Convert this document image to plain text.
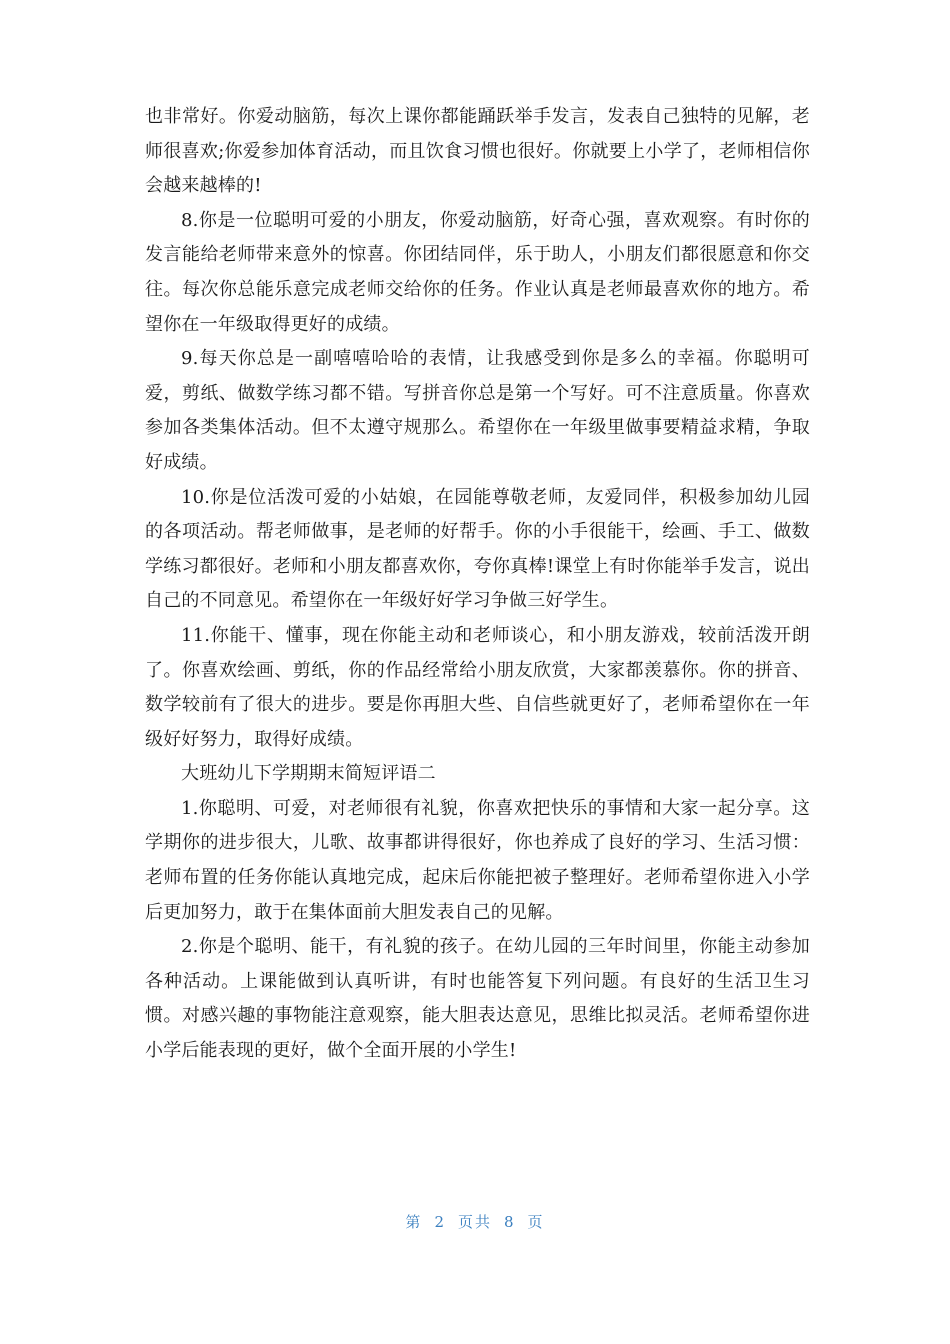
也非常好。你爱动脑筋，每次上课你都能踊跃举手发言，发表自己独特的见解，老师很喜欢;你爱参加体育活动，而且饮食习惯也很好。你就要上小学了，老师相信你会越来越棒的!

8.你是一位聪明可爱的小朋友，你爱动脑筋，好奇心强，喜欢观察。有时你的发言能给老师带来意外的惊喜。你团结同伴，乐于助人，小朋友们都很愿意和你交往。每次你总能乐意完成老师交给你的任务。作业认真是老师最喜欢你的地方。希望你在一年级取得更好的成绩。

9.每天你总是一副嘻嘻哈哈的表情，让我感受到你是多么的幸福。你聪明可爱，剪纸、做数学练习都不错。写拼音你总是第一个写好。可不注意质量。你喜欢参加各类集体活动。但不太遵守规那么。希望你在一年级里做事要精益求精，争取好成绩。

10.你是位活泼可爱的小姑娘，在园能尊敬老师，友爱同伴，积极参加幼儿园的各项活动。帮老师做事，是老师的好帮手。你的小手很能干，绘画、手工、做数学练习都很好。老师和小朋友都喜欢你，夸你真棒!课堂上有时你能举手发言，说出自己的不同意见。希望你在一年级好好学习争做三好学生。

11.你能干、懂事，现在你能主动和老师谈心，和小朋友游戏，较前活泼开朗了。你喜欢绘画、剪纸，你的作品经常给小朋友欣赏，大家都羡慕你。你的拼音、数学较前有了很大的进步。要是你再胆大些、自信些就更好了，老师希望你在一年级好好努力，取得好成绩。

大班幼儿下学期期末简短评语二

1.你聪明、可爱，对老师很有礼貌，你喜欢把快乐的事情和大家一起分享。这学期你的进步很大，儿歌、故事都讲得很好，你也养成了良好的学习、生活习惯：老师布置的任务你能认真地完成，起床后你能把被子整理好。老师希望你进入小学后更加努力，敢于在集体面前大胆发表自己的见解。

2.你是个聪明、能干，有礼貌的孩子。在幼儿园的三年时间里，你能主动参加各种活动。上课能做到认真听讲，有时也能答复下列问题。有良好的生活卫生习惯。对感兴趣的事物能注意观察，能大胆表达意见，思维比拟灵活。老师希望你进小学后能表现的更好，做个全面开展的小学生!

第 2 页共 8 页
